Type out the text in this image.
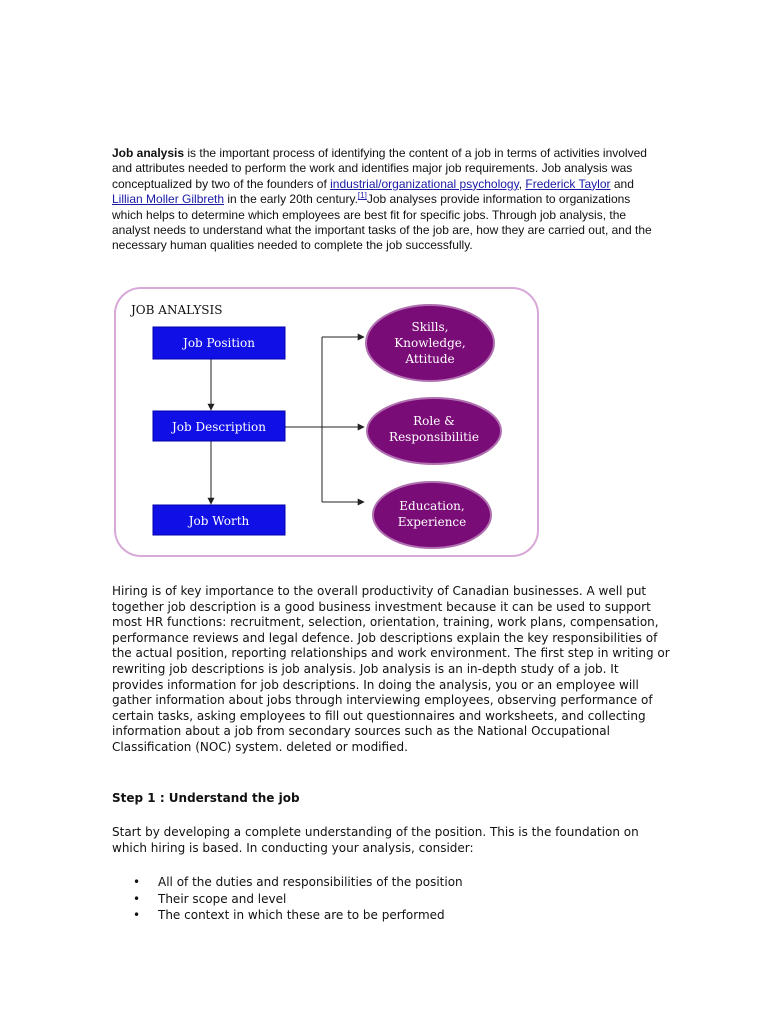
Job analysis is the important process of identifying the content of a job in terms of activities involved and attributes needed to perform the work and identifies major job requirements. Job analysis was conceptualized by two of the founders of industrial/organizational psychology, Frederick Taylor and Lillian Moller Gilbreth in the early 20th century.[1]Job analyses provide information to organizations which helps to determine which employees are best fit for specific jobs. Through job analysis, the analyst needs to understand what the important tasks of the job are, how they are carried out, and the necessary human qualities needed to complete the job successfully.
JOB ANALYSIS
Job Position
Job Description
Job Worth
Skills,
Knowledge,
Attitude
Role &
Responsibilitie
Education,
Experience
Hiring is of key importance to the overall productivity of Canadian businesses. A well put together job description is a good business investment because it can be used to support most HR functions: recruitment, selection, orientation, training, work plans, compensation, performance reviews and legal defence. Job descriptions explain the key responsibilities of the actual position, reporting relationships and work environment. The first step in writing or rewriting job descriptions is job analysis. Job analysis is an in-depth study of a job. It provides information for job descriptions. In doing the analysis, you or an employee will gather information about jobs through interviewing employees, observing performance of certain tasks, asking employees to fill out questionnaires and worksheets, and collecting information about a job from secondary sources such as the National Occupational Classification (NOC) system. deleted or modified.
Step 1 : Understand the job
Start by developing a complete understanding of the position. This is the foundation on which hiring is based. In conducting your analysis, consider:
• All of the duties and responsibilities of the position
• Their scope and level
• The context in which these are to be performed
